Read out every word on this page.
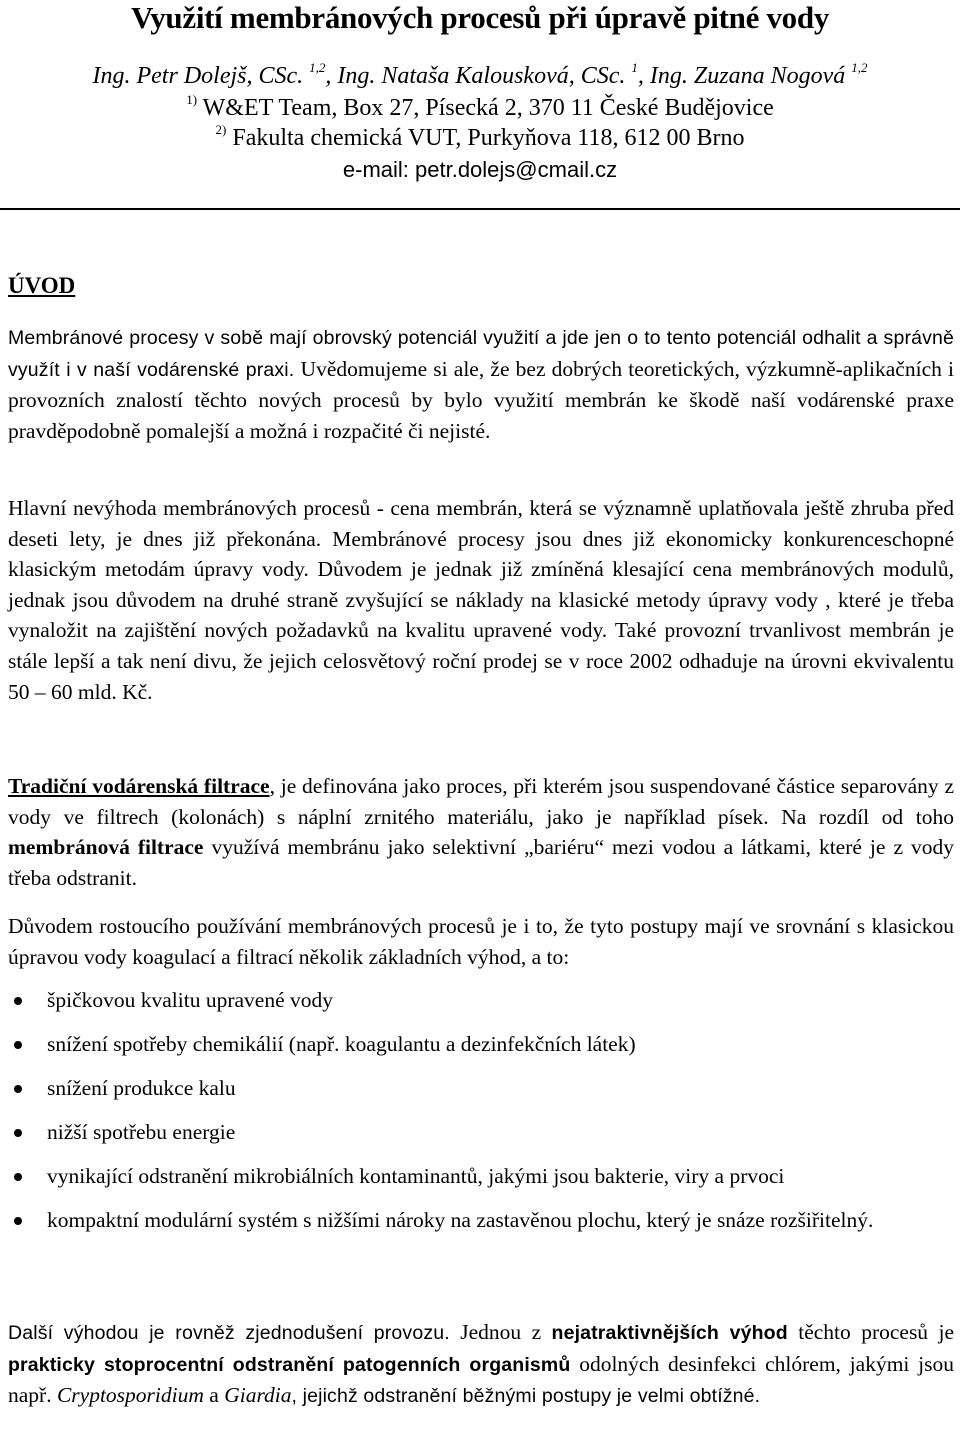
Využití membránových procesů při úpravě pitné vody
Ing. Petr Dolejš, CSc. $^{1,2}$, Ing. Nataša Kalousková, CSc. $^1$, Ing. Zuzana Nogová $^{1,2}$
$^{1)}$ W&ET Team, Box 27, Písecká 2, 370 11 České Budějovice
$^{2)}$ Fakulta chemická VUT, Purkyňova 118, 612 00 Brno
e-mail: petr.dolejs@cmail.cz
ÚVOD
Membránové procesy v sobě mají obrovský potenciál využití a jde jen o to tento potenciál odhalit a správně využít i v naší vodárenské praxi. Uvědomujeme si ale, že bez dobrých teoretických, výzkumně-aplikačních i provozních znalostí těchto nových procesů by bylo využití membrán ke škodě naší vodárenské praxe pravděpodobně pomalejší a možná i rozpačité či nejisté.
Hlavní nevýhoda membránových procesů - cena membrán, která se významně uplatňovala ještě zhruba před deseti lety, je dnes již překonána. Membránové procesy jsou dnes již ekonomicky konkurenceschopné klasickým metodám úpravy vody. Důvodem je jednak již zmíněná klesající cena membránových modulů, jednak jsou důvodem na druhé straně zvyšující se náklady na klasické metody úpravy vody , které je třeba vynaložit na zajištění nových požadavků na kvalitu upravené vody. Také provozní trvanlivost membrán je stále lepší a tak není divu, že jejich celosvětový roční prodej se v roce 2002 odhaduje na úrovni ekvivalentu 50 – 60 mld. Kč.
Tradiční vodárenská filtrace, je definována jako proces, při kterém jsou suspendované částice separovány z vody ve filtrech (kolonách) s náplní zrnitého materiálu, jako je například písek. Na rozdíl od toho membránová filtrace využívá membránu jako selektivní „bariéru“ mezi vodou a látkami, které je z vody třeba odstranit.
Důvodem rostoucího používání membránových procesů je i to, že tyto postupy mají ve srovnání s klasickou úpravou vody koagulací a filtrací několik základních výhod, a to:
špičkovou kvalitu upravené vody
snížení spotřeby chemikálií (např. koagulantu a dezinfekčních látek)
snížení produkce kalu
nižší spotřebu energie
vynikající odstranění mikrobiálních kontaminantů, jakými jsou bakterie, viry a prvoci
kompaktní modulární systém s nižšími nároky na zastavěnou plochu, který je snáze rozšiřitelný.
Další výhodou je rovněž zjednodušení provozu. Jednou z nejatraktivnějších výhod těchto procesů je prakticky stoprocentní odstranění patogenních organismů odolných desinfekci chlórem, jakými jsou např. Cryptosporidium a Giardia, jejichž odstranění běžnými postupy je velmi obtížné.
